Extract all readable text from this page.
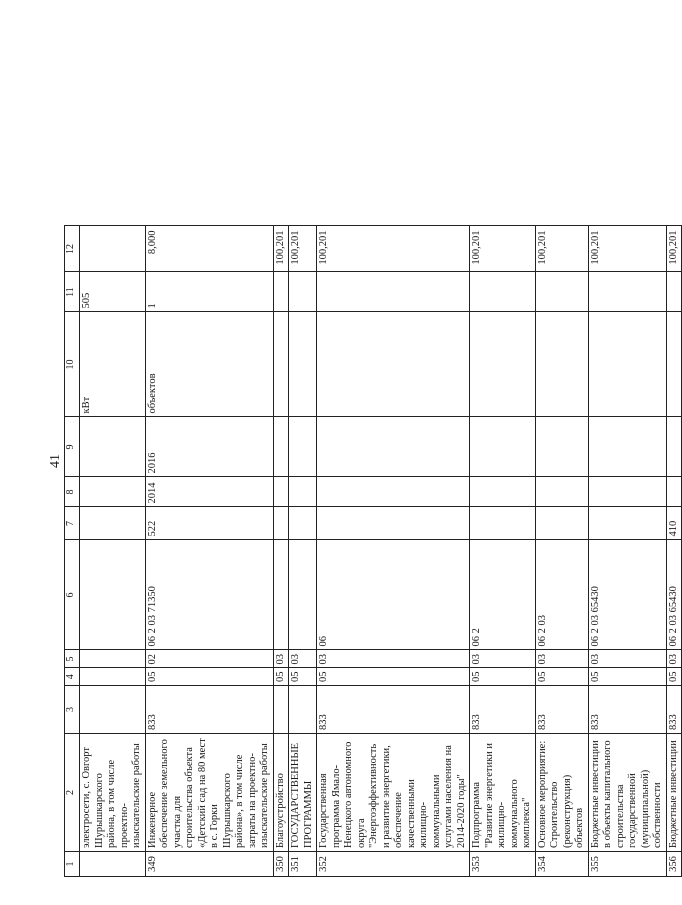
41
1	2	3	4	5	6	7	8	9	10	11	12
	электросети, с. Овгорт Шурышкарского района, в том числе проектно-изыскательские работы								кВт	505	
349	Инженерное обеспечение земельного участка для строительства объекта «Детский сад на 80 мест в с. Горки Шурышкарского района», в том числе затраты на проектно-изыскательские работы	833	05	02	06 2 03 71350	522	2014	2016	объектов	1	8,000
350	Благоустройство		05	03							100,201
351	ГОСУДАРСТВЕННЫЕ ПРОГРАММЫ		05	03							100,201
352	Государственная программа Ямало-Ненецкого автономного округа "Энергоэффективность и развитие энергетики, обеспечение качественными жилищно-коммунальными услугами населения на 2014-2020 годы"	833	05	03	06						100,201
353	Подпрограмма "Развитие энергетики и жилищно-коммунального комплекса"	833	05	03	06 2						100,201
354	Основное мероприятие: Строительство (реконструкция) объектов	833	05	03	06 2 03						100,201
355	Бюджетные инвестиции в объекты капитального строительства государственной (муниципальной) собственности	833	05	03	06 2 03 65430						100,201
356	Бюджетные инвестиции	833	05	03	06 2 03 65430	410					100,201
